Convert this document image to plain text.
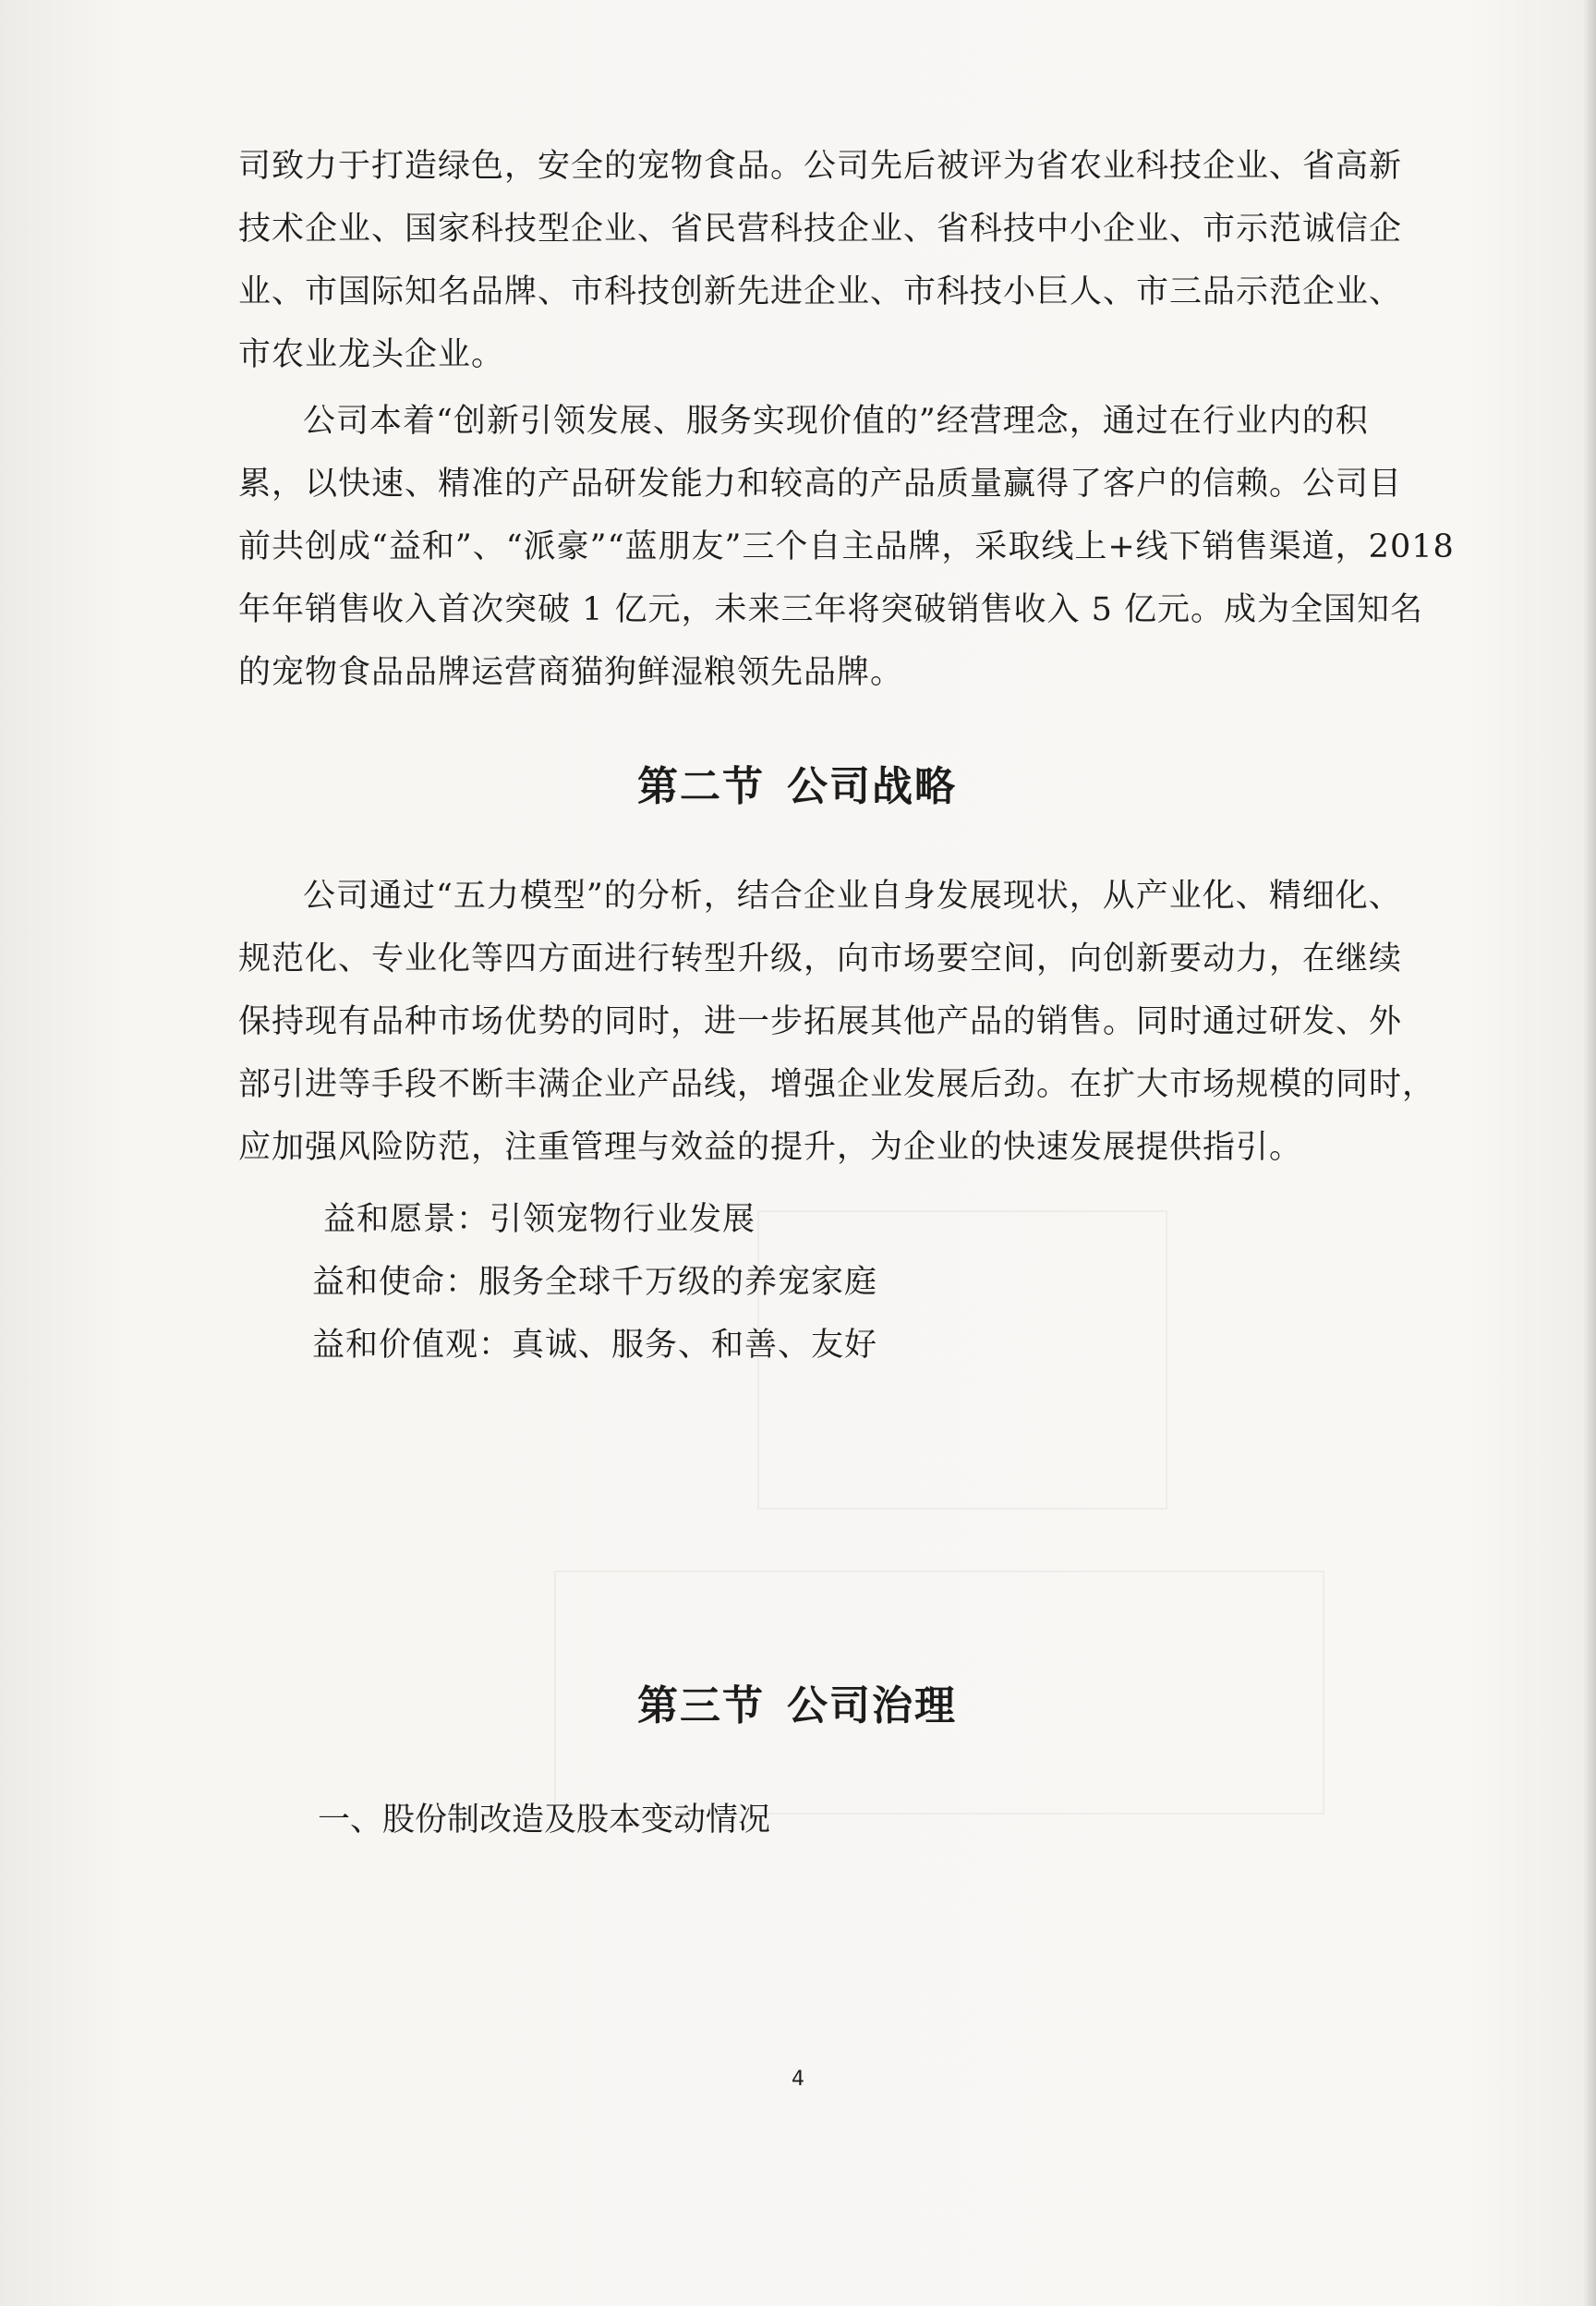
司致力于打造绿色，安全的宠物食品。公司先后被评为省农业科技企业、省高新
技术企业、国家科技型企业、省民营科技企业、省科技中小企业、市示范诚信企
业、市国际知名品牌、市科技创新先进企业、市科技小巨人、市三品示范企业、
市农业龙头企业。
公司本着“创新引领发展、服务实现价值的”经营理念，通过在行业内的积
累，以快速、精准的产品研发能力和较高的产品质量赢得了客户的信赖。公司目
前共创成“益和”、“派豪”“蓝朋友”三个自主品牌，采取线上+线下销售渠道，2018
年年销售收入首次突破 1 亿元，未来三年将突破销售收入 5 亿元。成为全国知名
的宠物食品品牌运营商猫狗鲜湿粮领先品牌。
第二节 公司战略
公司通过“五力模型”的分析，结合企业自身发展现状，从产业化、精细化、
规范化、专业化等四方面进行转型升级，向市场要空间，向创新要动力，在继续
保持现有品种市场优势的同时，进一步拓展其他产品的销售。同时通过研发、外
部引进等手段不断丰满企业产品线，增强企业发展后劲。在扩大市场规模的同时，
应加强风险防范，注重管理与效益的提升，为企业的快速发展提供指引。
益和愿景：引领宠物行业发展
益和使命：服务全球千万级的养宠家庭
益和价值观：真诚、服务、和善、友好
第三节 公司治理
一、股份制改造及股本变动情况
4
